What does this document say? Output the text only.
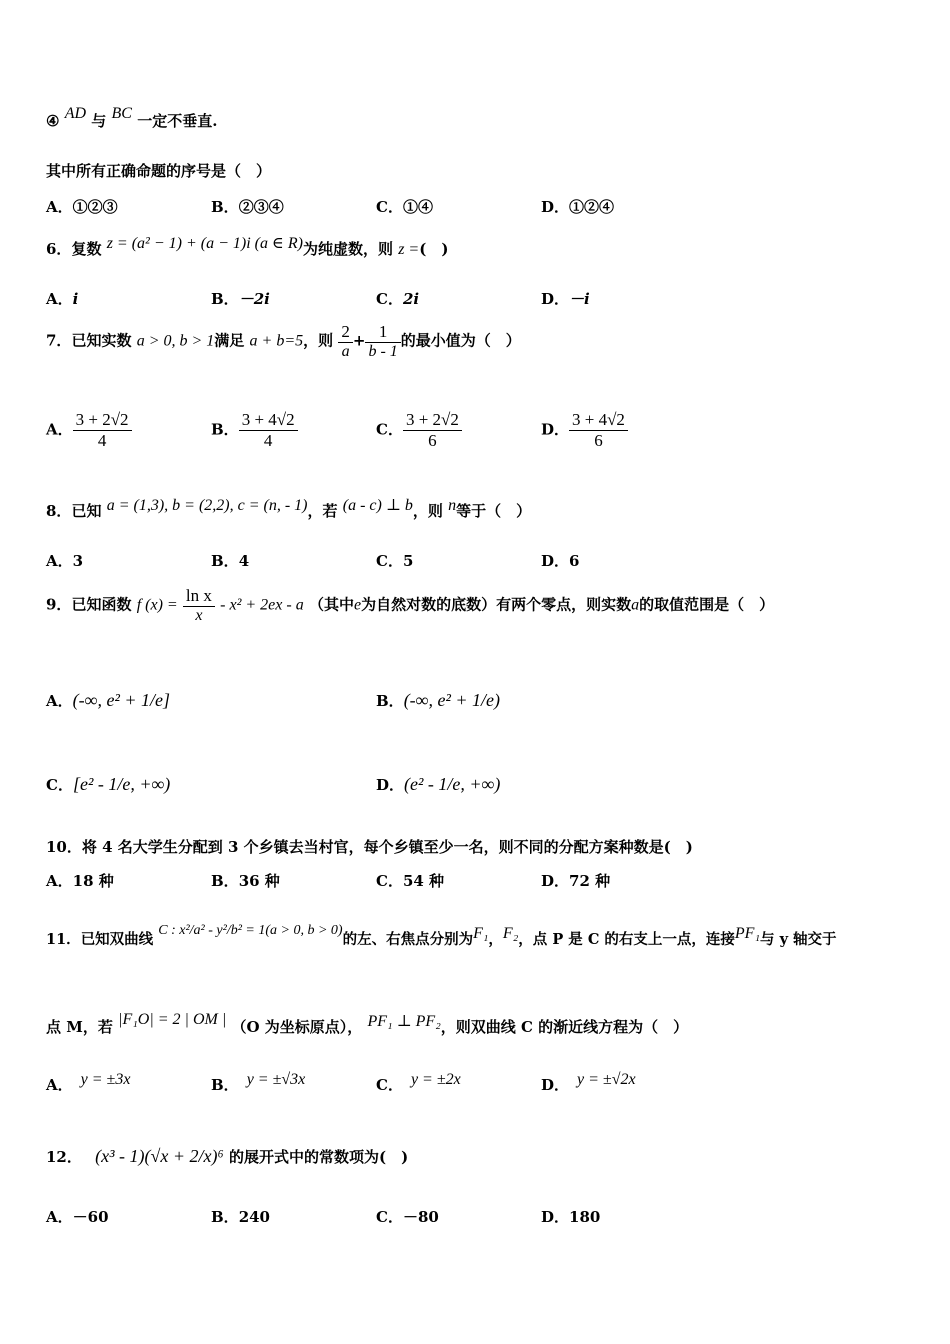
④ AD 与 BC 一定不垂直.
其中所有正确命题的序号是（　）
A．①②③	B．②③④	C．①④	D．①②④
6．复数 z = (a² − 1) + (a − 1)i (a ∈ R)为纯虚数，则 z =(　)
A．i	B．－2i	C．2i	D．－i
7．已知实数 a > 0, b > 1满足 a + b=5，则 $\frac{2}{a} + \frac{1}{b - 1}$ 的最小值为（　）
A． $\frac{3 + 2√2}{4}$	B． $\frac{3 + 4√2}{4}$	C． $\frac{3 + 2√2}{6}$	D． $\frac{3 + 4√2}{6}$
8．已知 a = (1,3), b = (2,2), c = (n, - 1)，若 (a - c) ⊥ b，则 n等于（　）
A．3	B．4	C．5	D．6
9．已知函数 f $(x) = \frac{\text{ln x}}{x} - x^2 + 2ex - a$ （其中e为自然对数的底数）有两个零点，则实数a的取值范围是（　）
A．(-∞, e² + 1/e]	B．(-∞, e² + 1/e)
C．[e² - 1/e, +∞)	D．(e² - 1/e, +∞)
10．将 4 名大学生分配到 3 个乡镇去当村官，每个乡镇至少一名，则不同的分配方案种数是(　)
A．18 种	B．36 种	C．54 种	D．72 种
11．已知双曲线 C : x²/a² - y²/b² = 1(a > 0, b > 0)的左、右焦点分别为F₁，F₂，点 P 是 C 的右支上一点，连接PF₁与 y 轴交于
点 M，若 |F₁O| = 2 | OM | （O 为坐标原点）， PF₁ ⊥ PF₂，则双曲线 C 的渐近线方程为（　）
A． y = ±3x	B． y = ±√3x	C． y = ±2x	D． y = ±√2x
12． (x³ - 1)(√x + 2/x)⁶ 的展开式中的常数项为(　)
A．－60	B．240	C．－80	D．180
